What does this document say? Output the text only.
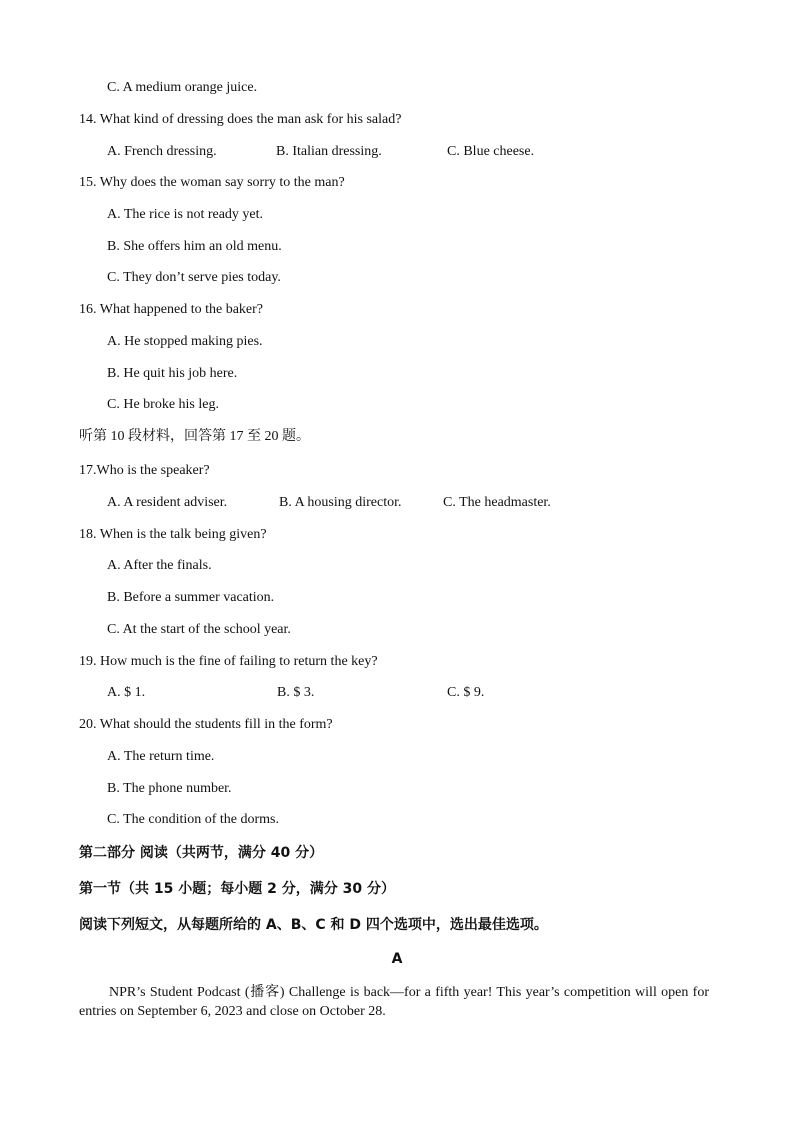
C. A medium orange juice.
14. What kind of dressing does the man ask for his salad?
A. French dressing.	B. Italian dressing.	C. Blue cheese.
15. Why does the woman say sorry to the man?
A. The rice is not ready yet.
B. She offers him an old menu.
C. They don’t serve pies today.
16. What happened to the baker?
A. He stopped making pies.
B. He quit his job here.
C. He broke his leg.
听第 10 段材料，回答第 17 至 20 题。
17.Who is the speaker?
A. A resident adviser.	B. A housing director.	C. The headmaster.
18. When is the talk being given?
A. After the finals.
B. Before a summer vacation.
C. At the start of the school year.
19. How much is the fine of failing to return the key?
A. $ 1.	B. $ 3.	C. $ 9.
20. What should the students fill in the form?
A. The return time.
B. The phone number.
C. The condition of the dorms.
第二部分 阅读（共两节，满分 40 分）
第一节（共 15 小题；每小题 2 分，满分 30 分）
阅读下列短文，从每题所给的 A、B、C 和 D 四个选项中，选出最佳选项。
A
NPR’s Student Podcast (播客) Challenge is back—for a fifth year! This year’s competition will open for entries on September 6, 2023 and close on October 28.
